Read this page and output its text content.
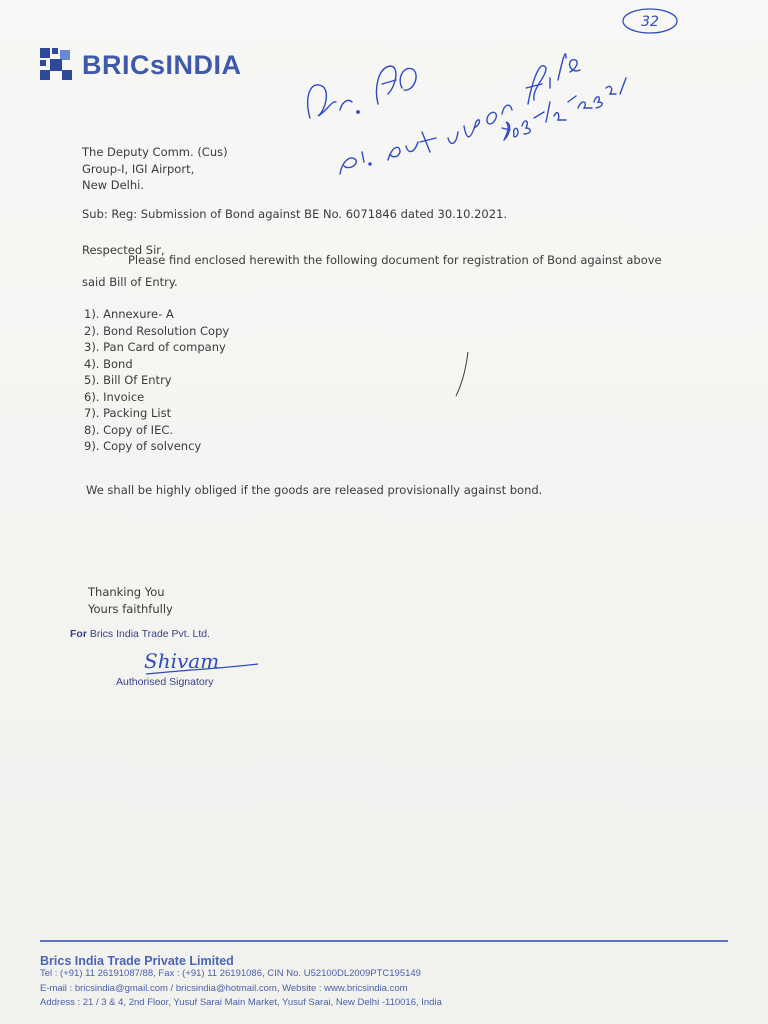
BRICsINDIA
32
The Deputy Comm. (Cus)
Group-I, IGI Airport,
New Delhi.
Sub: Reg: Submission of Bond against BE No. 6071846 dated 30.10.2021.
Respected Sir,
Please find enclosed herewith the following document for registration of Bond against above
said Bill of Entry.
1). Annexure- A
2). Bond Resolution Copy
3). Pan Card of company
4). Bond
5). Bill Of Entry
6). Invoice
7). Packing List
8). Copy of IEC.
9). Copy of solvency
We shall be highly obliged if the goods are released provisionally against bond.
Thanking You
Yours faithfully
For Brics India Trade Pvt. Ltd.
Shivam
Authorised Signatory
Brics India Trade Private Limited
Tel : (+91) 11 26191087/88, Fax : (+91) 11 26191086, CIN No. U52100DL2009PTC195149
E-mail : bricsindia@gmail.com / bricsindia@hotmail.com, Website : www.bricsindia.com
Address : 21 / 3 & 4, 2nd Floor, Yusuf Sarai Main Market, Yusuf Sarai, New Delhi -110016, India
